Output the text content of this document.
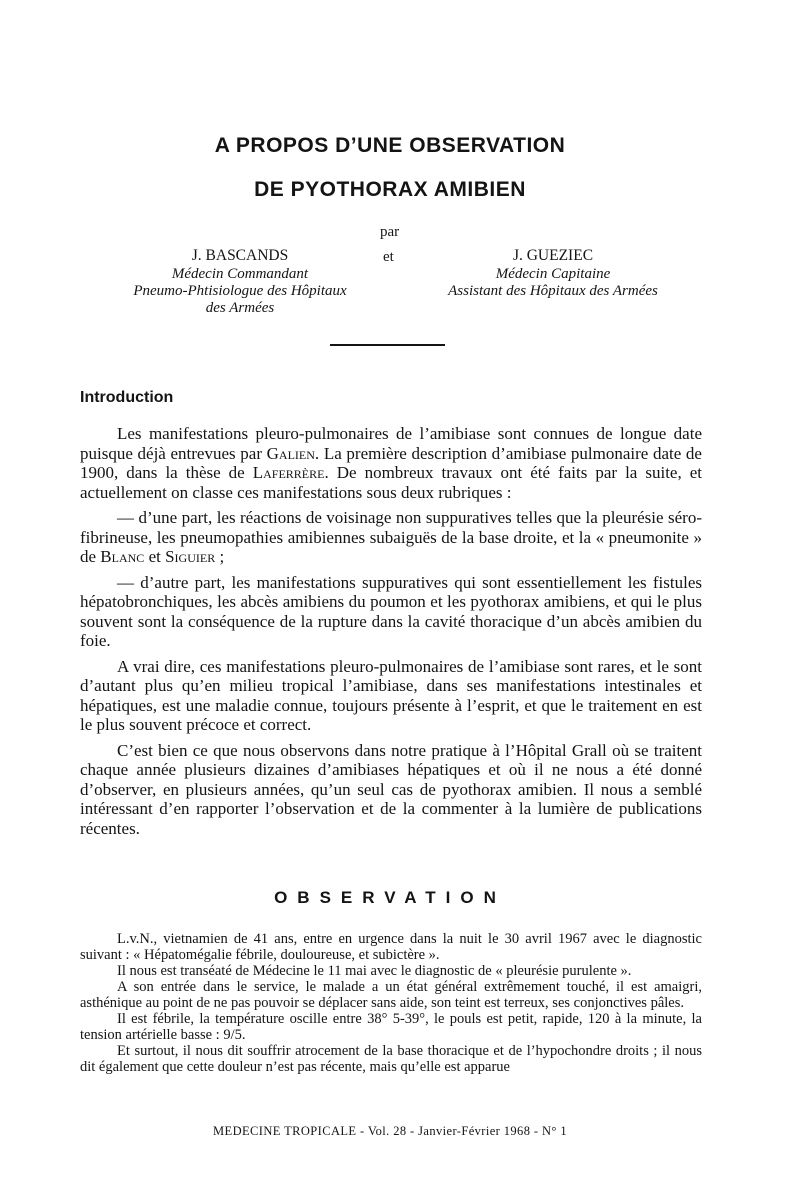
A PROPOS D’UNE OBSERVATION
DE PYOTHORAX AMIBIEN
par
J. BASCANDS
Médecin Commandant
Pneumo-Phtisiologue des Hôpitaux
des Armées
et	J. GUEZIEC
Médecin Capitaine
Assistant des Hôpitaux des Armées
Introduction

Les manifestations pleuro-pulmonaires de l’amibiase sont connues de longue date puisque déjà entrevues par Galien. La première description d’amibiase pulmonaire date de 1900, dans la thèse de Laferrère. De nombreux travaux ont été faits par la suite, et actuellement on classe ces manifestations sous deux rubriques :

— d’une part, les réactions de voisinage non suppuratives telles que la pleurésie séro-fibrineuse, les pneumopathies amibiennes subaiguës de la base droite, et la « pneumonite » de Blanc et Siguier ;

— d’autre part, les manifestations suppuratives qui sont essentiellement les fistules hépatobronchiques, les abcès amibiens du poumon et les pyothorax amibiens, et qui le plus souvent sont la conséquence de la rupture dans la cavité thoracique d’un abcès amibien du foie.

A vrai dire, ces manifestations pleuro-pulmonaires de l’amibiase sont rares, et le sont d’autant plus qu’en milieu tropical l’amibiase, dans ses manifestations intestinales et hépatiques, est une maladie connue, toujours présente à l’esprit, et que le traitement en est le plus souvent précoce et correct.

C’est bien ce que nous observons dans notre pratique à l’Hôpital Grall où se traitent chaque année plusieurs dizaines d’amibiases hépatiques et où il ne nous a été donné d’observer, en plusieurs années, qu’un seul cas de pyothorax amibien. Il nous a semblé intéressant d’en rapporter l’observation et de la commenter à la lumière de publications récentes.

OBSERVATION

L.v.N., vietnamien de 41 ans, entre en urgence dans la nuit le 30 avril 1967 avec le diagnostic suivant : « Hépatomégalie fébrile, douloureuse, et subictère ».

Il nous est transéaté de Médecine le 11 mai avec le diagnostic de « pleurésie purulente ».

A son entrée dans le service, le malade a un état général extrêmement touché, il est amaigri, asthénique au point de ne pas pouvoir se déplacer sans aide, son teint est terreux, ses conjonctives pâles.

Il est fébrile, la température oscille entre 38° 5-39°, le pouls est petit, rapide, 120 à la minute, la tension artérielle basse : 9/5.

Et surtout, il nous dit souffrir atrocement de la base thoracique et de l’hypochondre droits ; il nous dit également que cette douleur n’est pas récente, mais qu’elle est apparue

MEDECINE TROPICALE - Vol. 28 - Janvier-Février 1968 - N° 1
